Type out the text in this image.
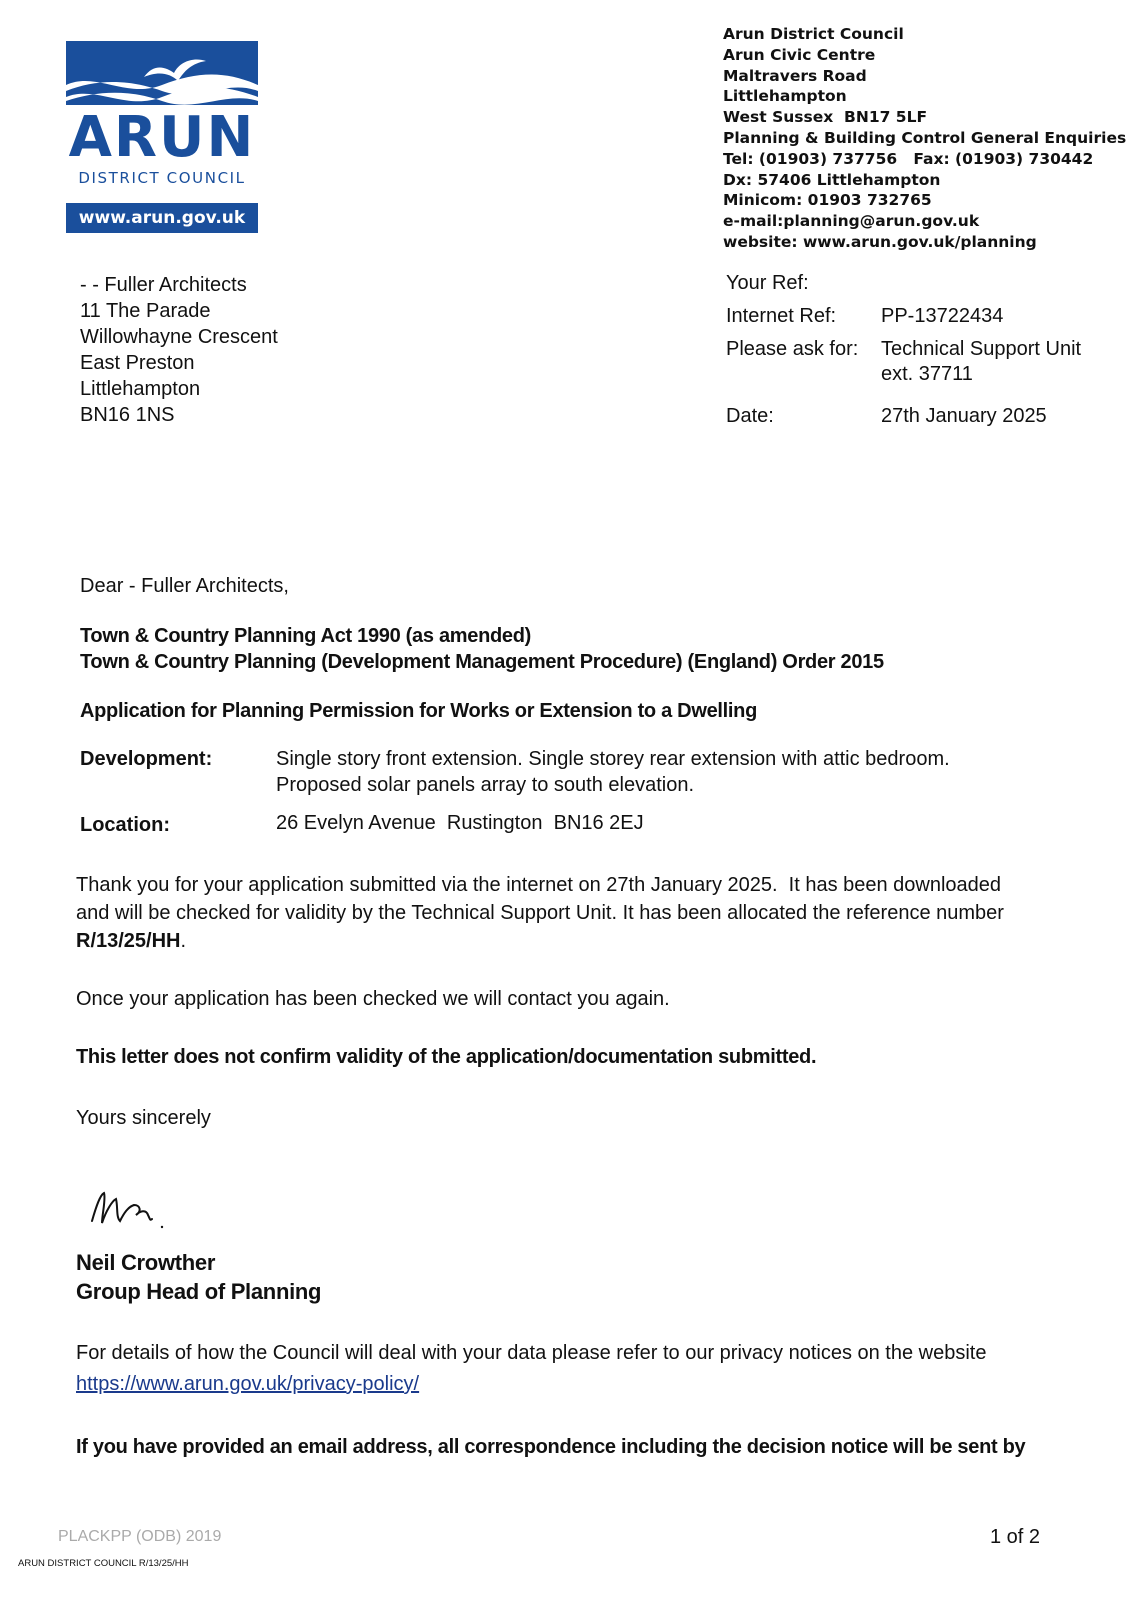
ARUN
DISTRICT COUNCIL
www.arun.gov.uk
Arun District Council
Arun Civic Centre
Maltravers Road
Littlehampton
West Sussex  BN17 5LF
Planning & Building Control General Enquiries
Tel: (01903) 737756   Fax: (01903) 730442
Dx: 57406 Littlehampton
Minicom: 01903 732765
e-mail:planning@arun.gov.uk
website: www.arun.gov.uk/planning
- - Fuller Architects
11 The Parade
Willowhayne Crescent
East Preston
Littlehampton
BN16 1NS
Your Ref:
Internet Ref: PP-13722434
Please ask for: Technical Support Unit
ext. 37711
Date:	27th January 2025
Dear - Fuller Architects,
Town & Country Planning Act 1990 (as amended)
Town & Country Planning (Development Management Procedure) (England) Order 2015
Application for Planning Permission for Works or Extension to a Dwelling
Development:	Single story front extension. Single storey rear extension with attic bedroom.
Proposed solar panels array to south elevation.
Location:	26 Evelyn Avenue  Rustington  BN16 2EJ
Thank you for your application submitted via the internet on 27th January 2025.  It has been downloaded
and will be checked for validity by the Technical Support Unit. It has been allocated the reference number
R/13/25/HH.
Once your application has been checked we will contact you again.
This letter does not confirm validity of the application/documentation submitted.
Yours sincerely
Neil Crowther
Group Head of Planning
For details of how the Council will deal with your data please refer to our privacy notices on the website
https://www.arun.gov.uk/privacy-policy/
If you have provided an email address, all correspondence including the decision notice will be sent by
PLACKPP (ODB) 2019	1 of 2
ARUN DISTRICT COUNCIL R/13/25/HH
